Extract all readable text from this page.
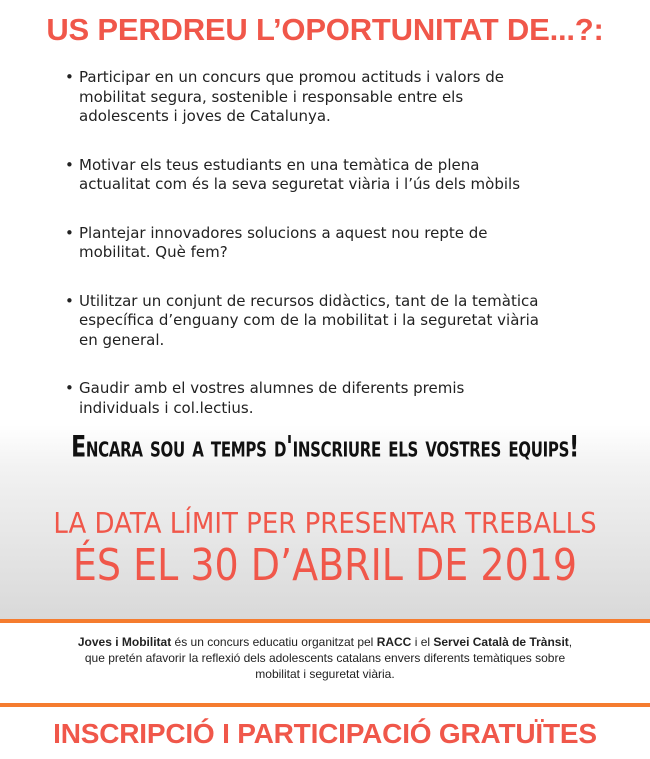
US PERDREU L’OPORTUNITAT DE...?:
• Participar en un concurs que promou actituds i valors de
mobilitat segura, sostenible i responsable entre els
adolescents i joves de Catalunya.
• Motivar els teus estudiants en una temàtica de plena
actualitat com és la seva seguretat viària i l’ús dels mòbils
• Plantejar innovadores solucions a aquest nou repte de
mobilitat. Què fem?
• Utilitzar un conjunt de recursos didàctics, tant de la temàtica
específica d’enguany com de la mobilitat i la seguretat viària
en general.
• Gaudir amb el vostres alumnes de diferents premis
individuals i col.lectius.
Encara sou a temps d'inscriure els vostres equips!
LA DATA LÍMIT PER PRESENTAR TREBALLS
ÉS EL 30 D’ABRIL DE 2019

Joves i Mobilitat és un concurs educatiu organitzat pel RACC i el Servei Català de Trànsit,
que pretén afavorir la reflexió dels adolescents catalans envers diferents temàtiques sobre
mobilitat i seguretat viària.

INSCRIPCIÓ I PARTICIPACIÓ GRATUÏTES
